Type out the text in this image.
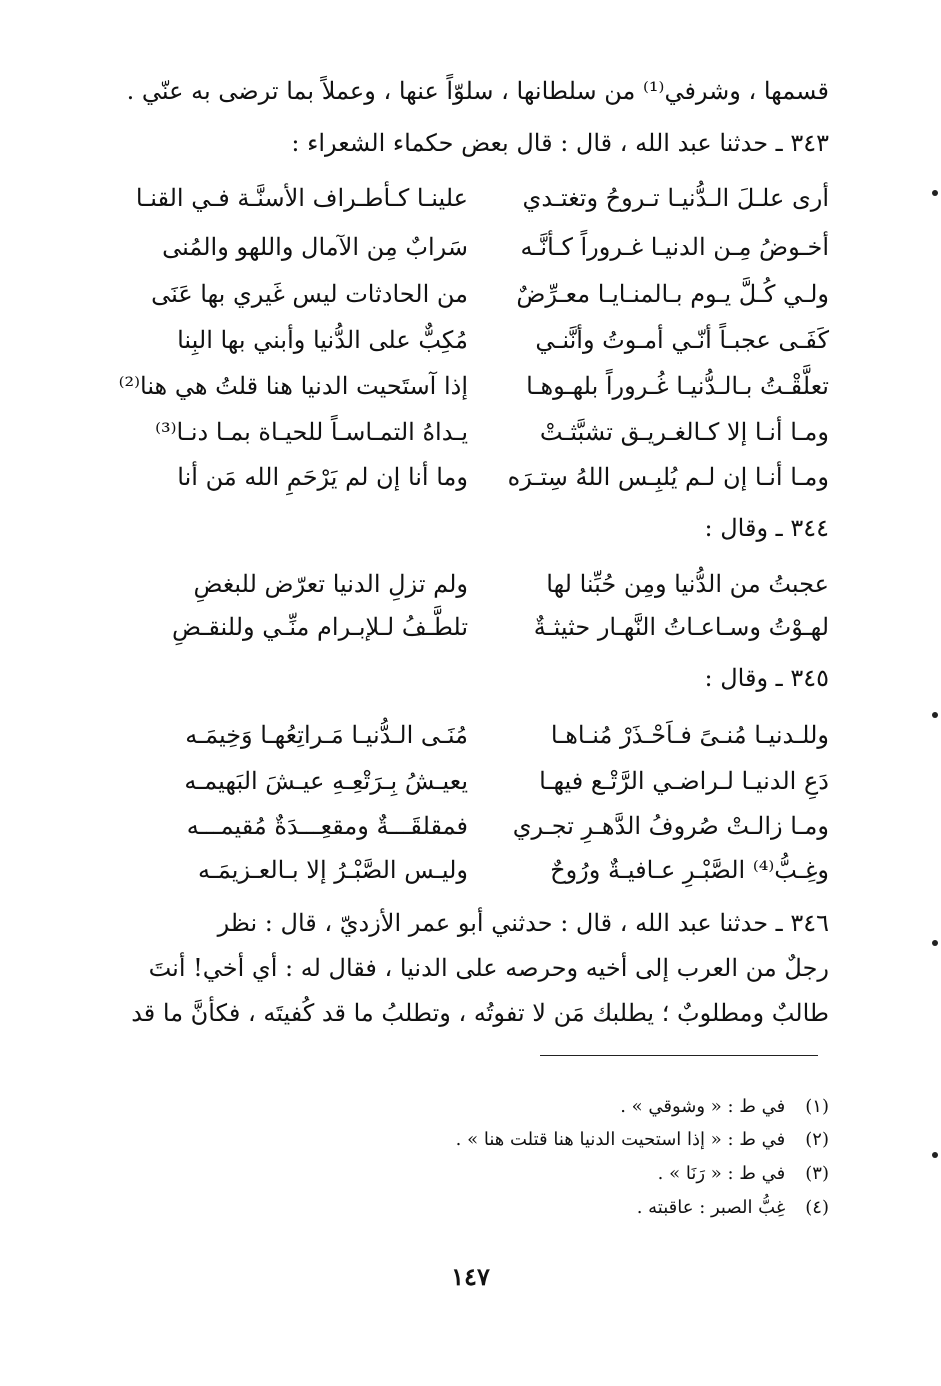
قسمها ، وشرفي⁽¹⁾ من سلطانها ، سلوّاً عنها ، وعملاً بما ترضى به عنّي .
٣٤٣ ـ حدثنا عبد الله ، قال : قال بعض حكماء الشعراء :
أرى علـلَ الـدُّنيـا تـروحُ وتغتـدي
علينـا كـأطـراف الأسنَّـة فـي القنـا
أخـوضُ مِـن الدنيـا غـروراً كـأنَّـه
سَرابٌ مِن الآمال واللهو والمُنى
ولـي كُـلَّ يـوم بـالمنـايـا معـرِّضٌ
من الحادثات ليس غَيري بها عَنَى
كَفَـى عجبـاً أنّـي أمـوتُ وأنَّنـي
مُكِبٌّ على الدُّنيا وأبني بها البِنا
تعلَّقْـتُ بـالـدُّنيـا غُـروراً بلهـوهـا
إذا آستَحيت الدنيا هنا قلتُ هي هنا⁽²⁾
ومـا أنـا إلا كـالغـريـق تشبَّثـتْ
يـداهُ التمـاسـاً للحيـاة بمـا دنـا⁽³⁾
ومـا أنـا إن لـم يُلبِـس اللهُ سِتـرَه
وما أنا إن لم يَرْحَمِ الله مَن أنا
٣٤٤ ـ وقال :
عجبتُ من الدُّنيا ومِن حُبِّنا لها
ولم تزلِ الدنيا تعرّض للبغضِ
لهـوْتُ وسـاعـاتُ النَّهـار حثيثـةٌ
تلطَّـفُ لـلإبـرام منِّـي وللنقـضِ
٣٤٥ ـ وقال :
وللـدنيـا مُنـىً فـاَحْـذَرْ مُنـاهـا
مُنَـى الـدُّنيـا مَـراتِعُهـا وَخِيمَـه
دَعِ الدنيـا لـراضـي الرَّتْـع فيهـا
يعيـشُ بِـرَتْعِـهِ عيـشَ البَهيمـه
ومـا زالـتْ صُروفُ الدَّهـرِ تجـري
فمقلقَـــةٌ ومقعِـــدَةٌ مُقيمـــه
وغِـبُّ⁽⁴⁾ الصَّبْـرِ عـافيـةٌ ورُوحٌ
وليـس الصَّبْـرُ إلا بـالعـزيمَـه
٣٤٦ ـ حدثنا عبد الله ، قال : حدثني أبو عمر الأزديّ ، قال : نظر
رجلٌ من العرب إلى أخيه وحرصه على الدنيا ، فقال له : أي أخي! أنتَ
طالبٌ ومطلوبٌ ؛ يطلبك مَن لا تفوتُه ، وتطلبُ ما قد كُفيتَه ، فكأنَّ ما قد
(١) في ط : « وشوقي » .
(٢) في ط : « إذا استحيت الدنيا هنا قتلت هنا » .
(٣) في ط : « رَنَا » .
(٤) غِبُّ الصبر : عاقبته .
١٤٧
